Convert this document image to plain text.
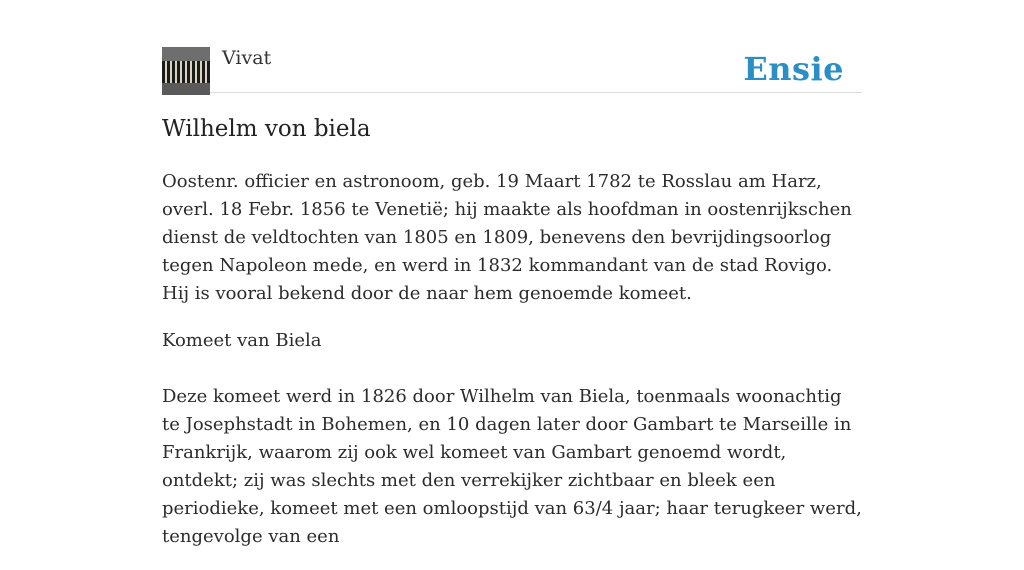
Vivat	Ensie
Wilhelm von biela

Oostenr. officier en astronoom, geb. 19 Maart 1782 te Rosslau am Harz, overl. 18 Febr. 1856 te Venetië; hij maakte als hoofdman in oostenrijkschen dienst de veldtochten van 1805 en 1809, benevens den bevrijdingsoorlog tegen Napoleon mede, en werd in 1832 kommandant van de stad Rovigo. Hij is vooral bekend door de naar hem genoemde komeet.

Komeet van Biela

Deze komeet werd in 1826 door Wilhelm van Biela, toenmaals woonachtig te Josephstadt in Bohemen, en 10 dagen later door Gambart te Marseille in Frankrijk, waarom zij ook wel komeet van Gambart genoemd wordt, ontdekt; zij was slechts met den verrekijker zichtbaar en bleek een periodieke, komeet met een omloopstijd van 63/4 jaar; haar terugkeer werd, tengevolge van een
